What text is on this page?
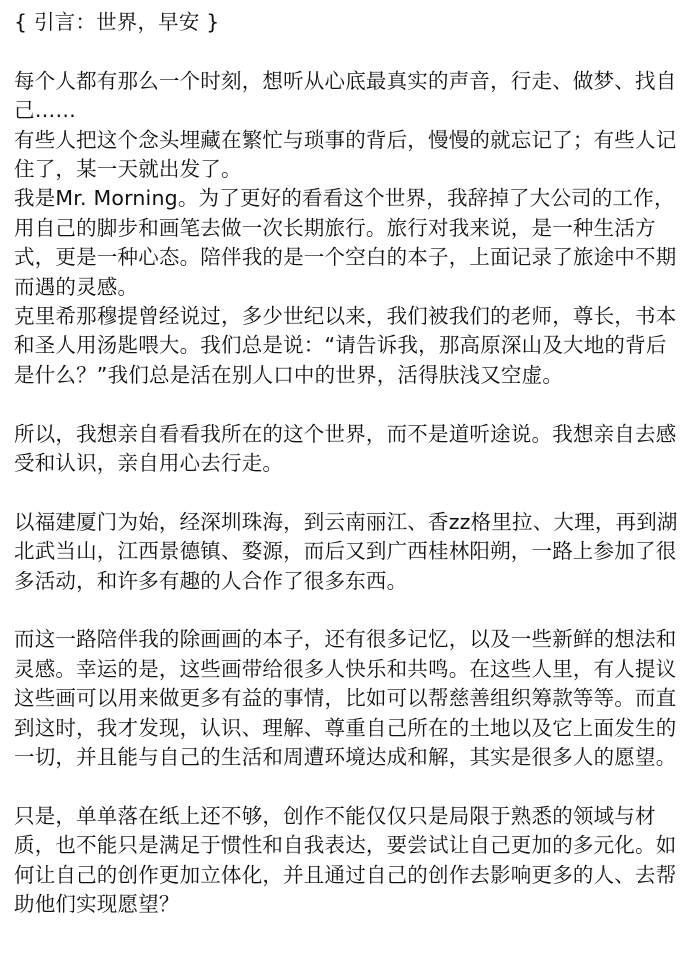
{ 引言：世界，早安 }

每个人都有那么一个时刻，想听从心底最真实的声音，行走、做梦、找自己……

有些人把这个念头埋藏在繁忙与琐事的背后，慢慢的就忘记了；有些人记住了，某一天就出发了。

我是Mr. Morning。为了更好的看看这个世界，我辞掉了大公司的工作，用自己的脚步和画笔去做一次长期旅行。旅行对我来说，是一种生活方式，更是一种心态。陪伴我的是一个空白的本子，上面记录了旅途中不期而遇的灵感。

克里希那穆提曾经说过，多少世纪以来，我们被我们的老师，尊长，书本和圣人用汤匙喂大。我们总是说：“请告诉我，那高原深山及大地的背后是什么？”我们总是活在别人口中的世界，活得肤浅又空虚。

所以，我想亲自看看我所在的这个世界，而不是道听途说。我想亲自去感受和认识，亲自用心去行走。

以福建厦门为始，经深圳珠海，到云南丽江、香zz格里拉、大理，再到湖北武当山，江西景德镇、婺源，而后又到广西桂林阳朔，一路上参加了很多活动，和许多有趣的人合作了很多东西。

而这一路陪伴我的除画画的本子，还有很多记忆，以及一些新鲜的想法和灵感。幸运的是，这些画带给很多人快乐和共鸣。在这些人里，有人提议这些画可以用来做更多有益的事情，比如可以帮慈善组织筹款等等。而直到这时，我才发现，认识、理解、尊重自己所在的土地以及它上面发生的一切，并且能与自己的生活和周遭环境达成和解，其实是很多人的愿望。

只是，单单落在纸上还不够，创作不能仅仅只是局限于熟悉的领域与材质，也不能只是满足于惯性和自我表达，要尝试让自己更加的多元化。如何让自己的创作更加立体化，并且通过自己的创作去影响更多的人、去帮助他们实现愿望？
